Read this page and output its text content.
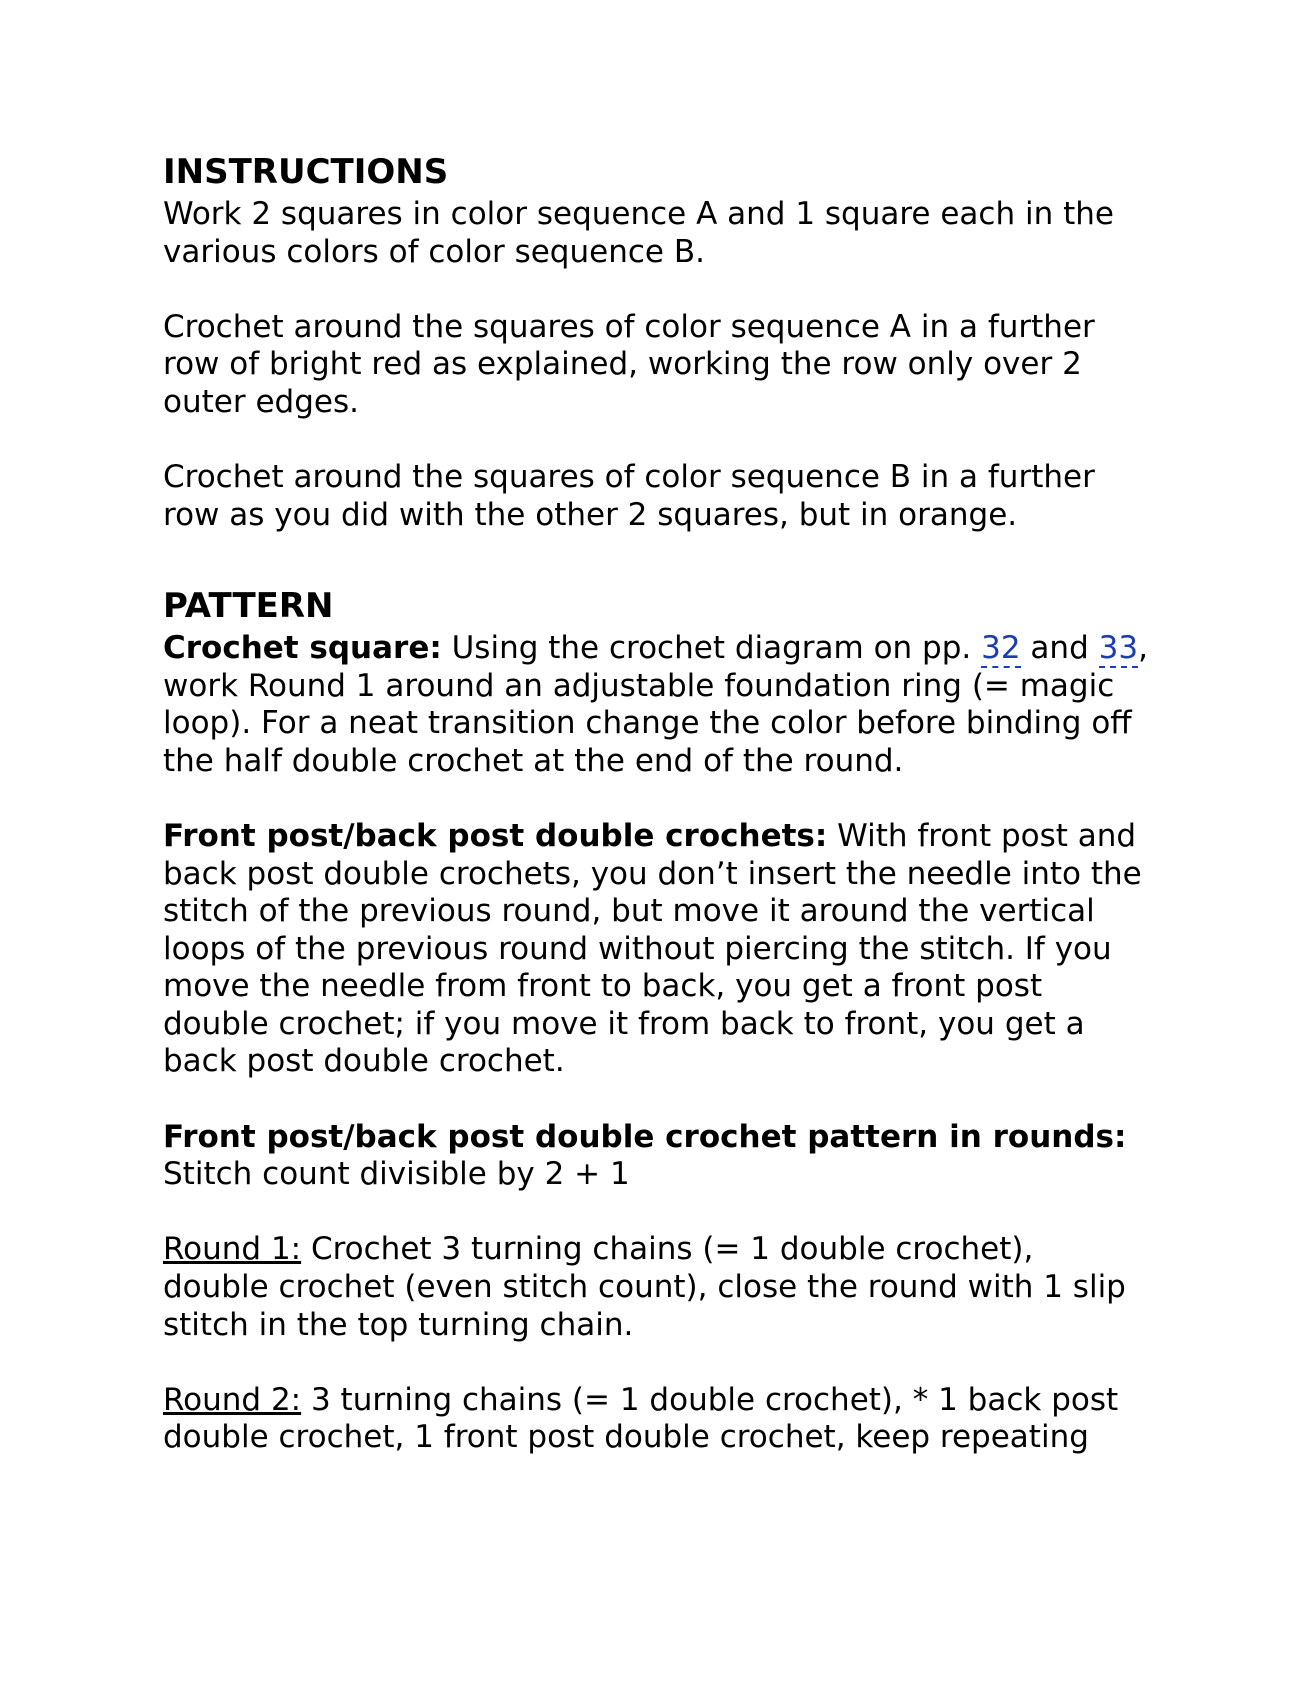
INSTRUCTIONS

Work 2 squares in color sequence A and 1 square each in the various colors of color sequence B.

Crochet around the squares of color sequence A in a further row of bright red as explained, working the row only over 2 outer edges.

Crochet around the squares of color sequence B in a further row as you did with the other 2 squares, but in orange.

PATTERN

Crochet square: Using the crochet diagram on pp. 32 and 33, work Round 1 around an adjustable foundation ring (= magic loop). For a neat transition change the color before binding off the half double crochet at the end of the round.

Front post/back post double crochets: With front post and back post double crochets, you don’t insert the needle into the stitch of the previous round, but move it around the vertical loops of the previous round without piercing the stitch. If you move the needle from front to back, you get a front post double crochet; if you move it from back to front, you get a back post double crochet.

Front post/back post double crochet pattern in rounds: Stitch count divisible by 2 + 1

Round 1: Crochet 3 turning chains (= 1 double crochet), double crochet (even stitch count), close the round with 1 slip stitch in the top turning chain.

Round 2: 3 turning chains (= 1 double crochet), * 1 back post double crochet, 1 front post double crochet, keep repeating
